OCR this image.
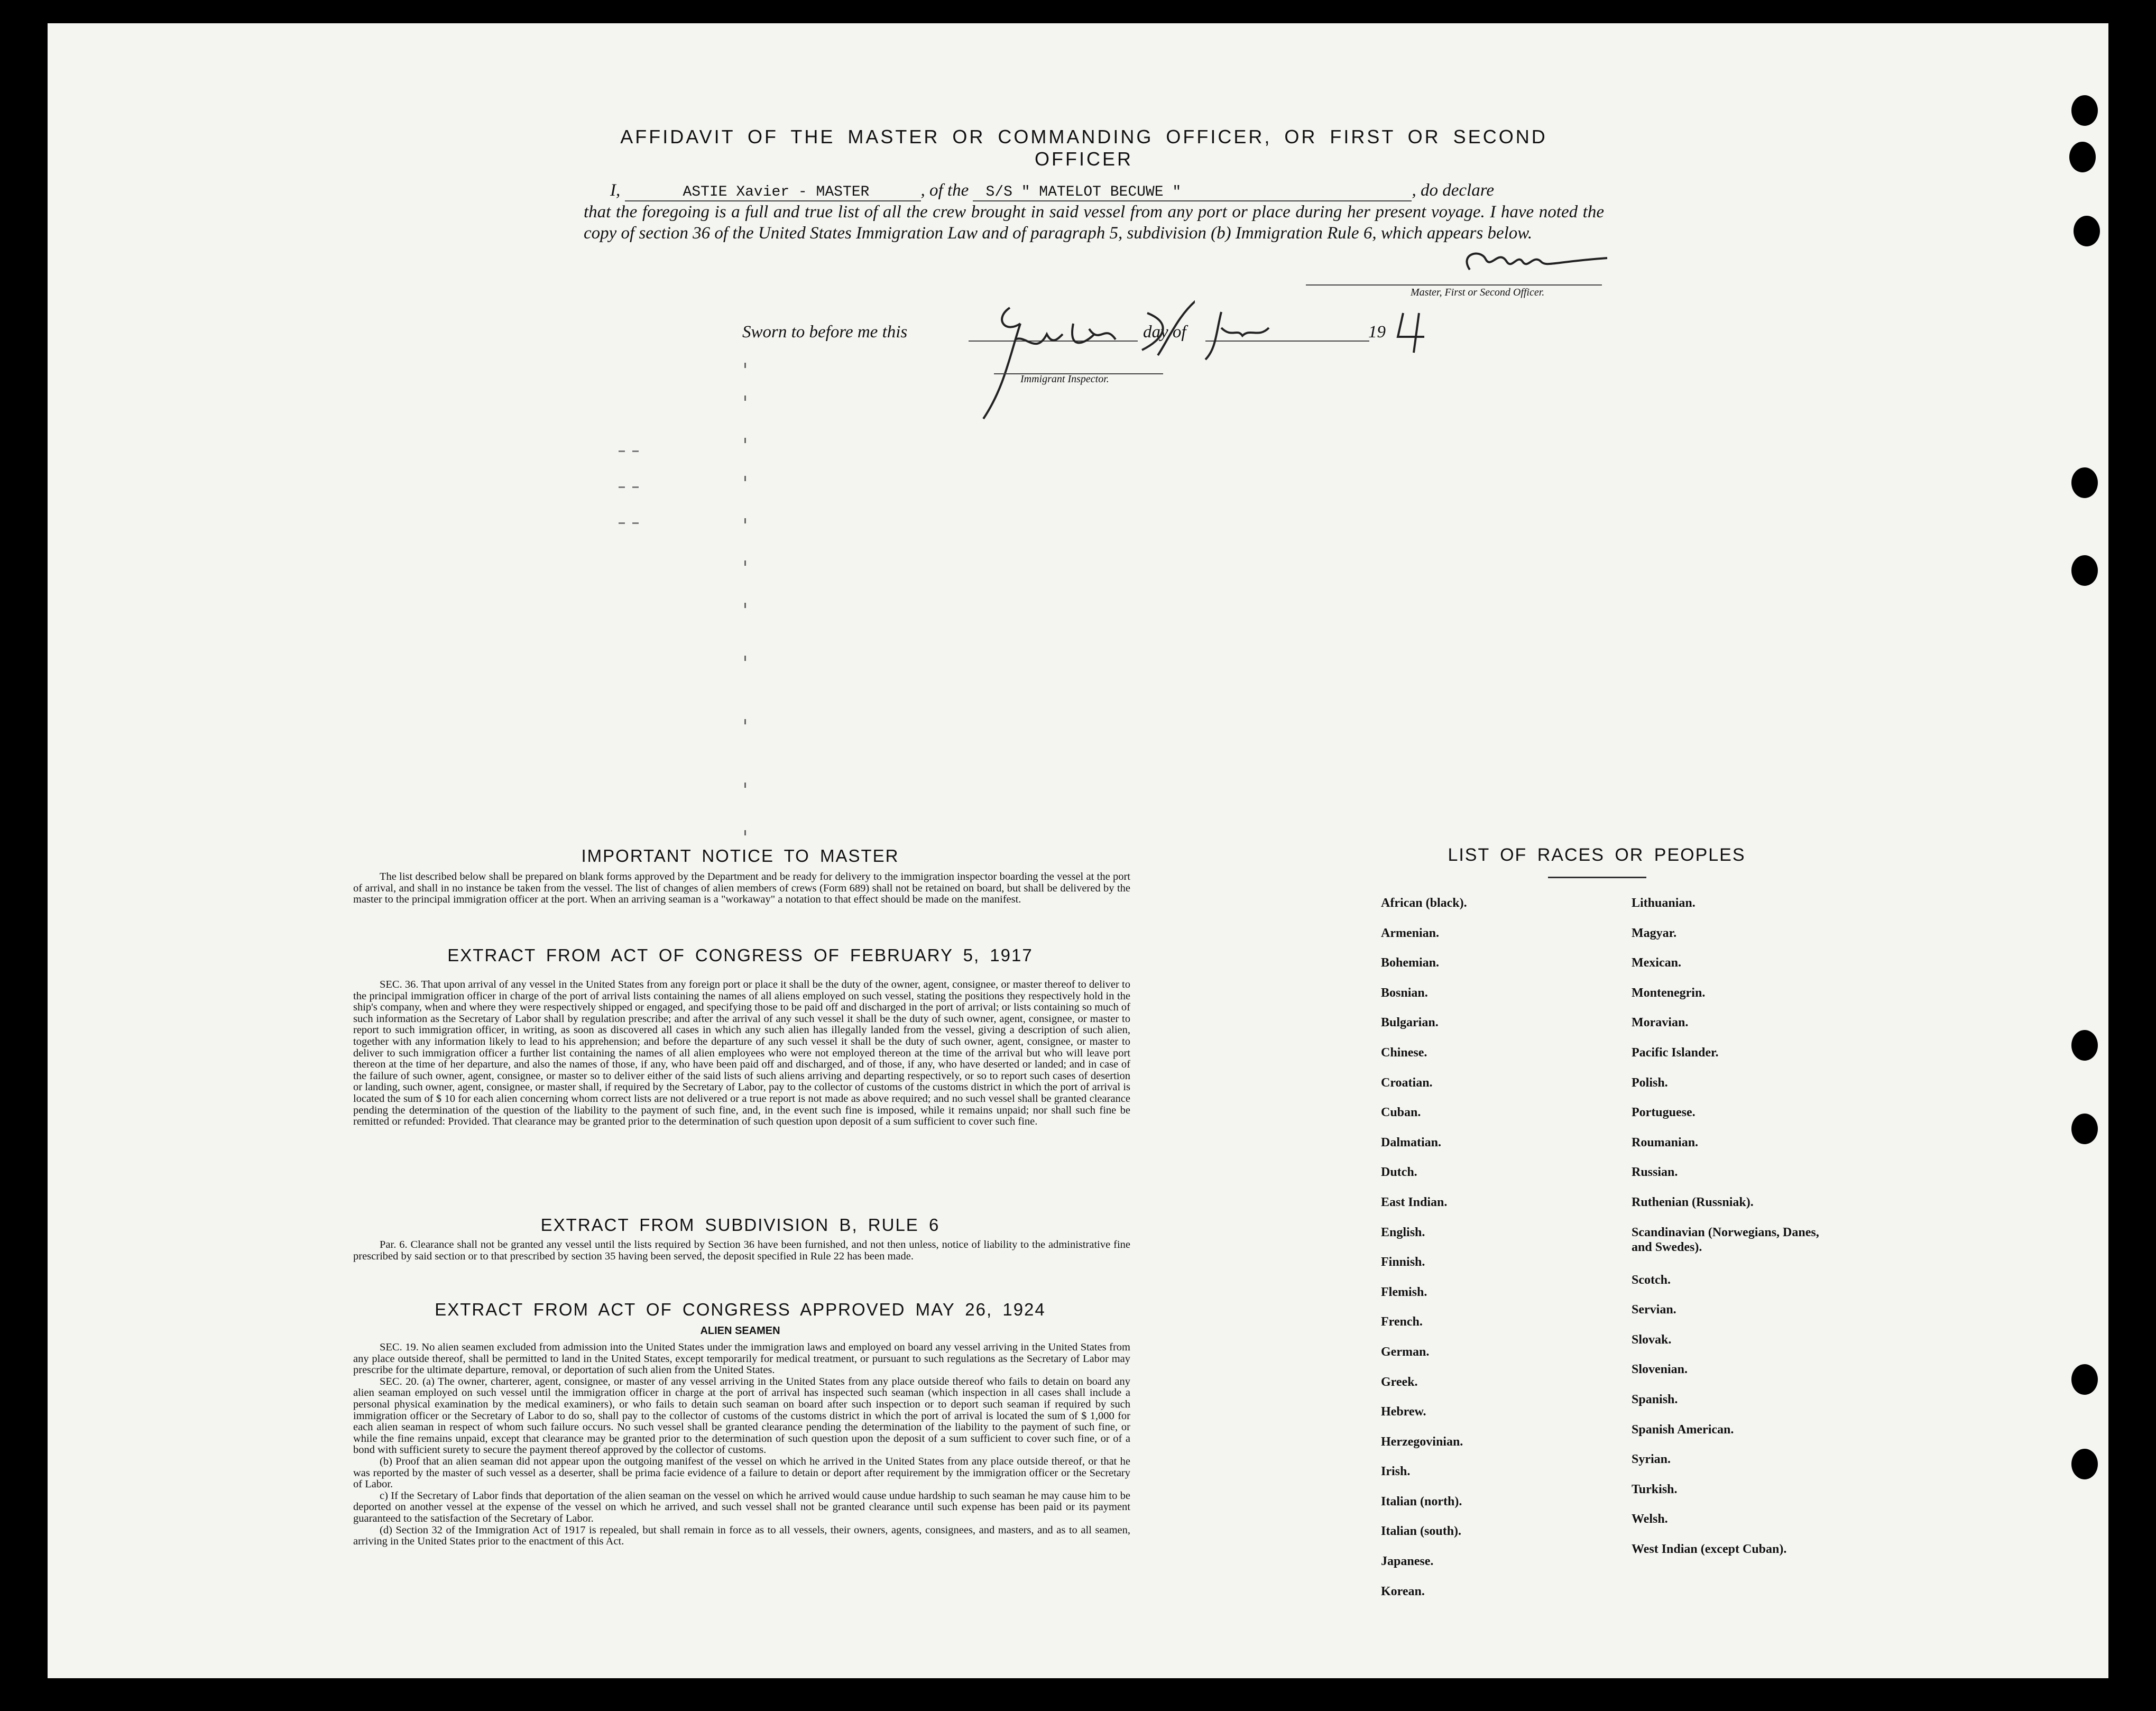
AFFIDAVIT OF THE MASTER OR COMMANDING OFFICER, OR FIRST OR SECOND OFFICER
I,	ASTIE Xavier - MASTER	, of the S/S " MATELOT BECUWE "	, do declare
that the foregoing is a full and true list of all the crew brought in said vessel from any port or place during her present voyage. I have noted the copy of section 36 of the United States Immigration Law and of paragraph 5, subdivision (b) Immigration Rule 6, which appears below.
Master, First or Second Officer.
Sworn to before me this	day of	19
Immigrant Inspector.
IMPORTANT NOTICE TO MASTER

The list described below shall be prepared on blank forms approved by the Department and be ready for delivery to the immigration inspector boarding the vessel at the port of arrival, and shall in no instance be taken from the vessel. The list of changes of alien members of crews (Form 689) shall not be retained on board, but shall be delivered by the master to the principal immigration officer at the port. When an arriving seaman is a "workaway" a notation to that effect should be made on the manifest.

EXTRACT FROM ACT OF CONGRESS OF FEBRUARY 5, 1917

SEC. 36. That upon arrival of any vessel in the United States from any foreign port or place it shall be the duty of the owner, agent, consignee, or master thereof to deliver to the principal immigration officer in charge of the port of arrival lists containing the names of all aliens employed on such vessel, stating the positions they respectively hold in the ship's company, when and where they were respectively shipped or engaged, and specifying those to be paid off and discharged in the port of arrival; or lists containing so much of such information as the Secretary of Labor shall by regulation prescribe; and after the arrival of any such vessel it shall be the duty of such owner, agent, consignee, or master to report to such immigration officer, in writing, as soon as discovered all cases in which any such alien has illegally landed from the vessel, giving a description of such alien, together with any information likely to lead to his apprehension; and before the departure of any such vessel it shall be the duty of such owner, agent, consignee, or master to deliver to such immigration officer a further list containing the names of all alien employees who were not employed thereon at the time of the arrival but who will leave port thereon at the time of her departure, and also the names of those, if any, who have been paid off and discharged, and of those, if any, who have deserted or landed; and in case of the failure of such owner, agent, consignee, or master so to deliver either of the said lists of such aliens arriving and departing respectively, or so to report such cases of desertion or landing, such owner, agent, consignee, or master shall, if required by the Secretary of Labor, pay to the collector of customs of the customs district in which the port of arrival is located the sum of $ 10 for each alien concerning whom correct lists are not delivered or a true report is not made as above required; and no such vessel shall be granted clearance pending the determination of the question of the liability to the payment of such fine, and, in the event such fine is imposed, while it remains unpaid; nor shall such fine be remitted or refunded: Provided. That clearance may be granted prior to the determination of such question upon deposit of a sum sufficient to cover such fine.

EXTRACT FROM SUBDIVISION B, RULE 6

Par. 6. Clearance shall not be granted any vessel until the lists required by Section 36 have been furnished, and not then unless, notice of liability to the administrative fine prescribed by said section or to that prescribed by section 35 having been served, the deposit specified in Rule 22 has been made.

EXTRACT FROM ACT OF CONGRESS APPROVED MAY 26, 1924
ALIEN SEAMEN

SEC. 19. No alien seamen excluded from admission into the United States under the immigration laws and employed on board any vessel arriving in the United States from any place outside thereof, shall be permitted to land in the United States, except temporarily for medical treatment, or pursuant to such regulations as the Secretary of Labor may prescribe for the ultimate departure, removal, or deportation of such alien from the United States.

SEC. 20. (a) The owner, charterer, agent, consignee, or master of any vessel arriving in the United States from any place outside thereof who fails to detain on board any alien seaman employed on such vessel until the immigration officer in charge at the port of arrival has inspected such seaman (which inspection in all cases shall include a personal physical examination by the medical examiners), or who fails to detain such seaman on board after such inspection or to deport such seaman if required by such immigration officer or the Secretary of Labor to do so, shall pay to the collector of customs of the customs district in which the port of arrival is located the sum of $ 1,000 for each alien seaman in respect of whom such failure occurs. No such vessel shall be granted clearance pending the determination of the liability to the payment of such fine, or while the fine remains unpaid, except that clearance may be granted prior to the determination of such question upon the deposit of a sum sufficient to cover such fine, or of a bond with sufficient surety to secure the payment thereof approved by the collector of customs.

(b) Proof that an alien seaman did not appear upon the outgoing manifest of the vessel on which he arrived in the United States from any place outside thereof, or that he was reported by the master of such vessel as a deserter, shall be prima facie evidence of a failure to detain or deport after requirement by the immigration officer or the Secretary of Labor.

c) If the Secretary of Labor finds that deportation of the alien seaman on the vessel on which he arrived would cause undue hardship to such seaman he may cause him to be deported on another vessel at the expense of the vessel on which he arrived, and such vessel shall not be granted clearance until such expense has been paid or its payment guaranteed to the satisfaction of the Secretary of Labor.

(d) Section 32 of the Immigration Act of 1917 is repealed, but shall remain in force as to all vessels, their owners, agents, consignees, and masters, and as to all seamen, arriving in the United States prior to the enactment of this Act.

LIST OF RACES OR PEOPLES
African (black).
Armenian.
Bohemian.
Bosnian.
Bulgarian.
Chinese.
Croatian.
Cuban.
Dalmatian.
Dutch.
East Indian.
English.
Finnish.
Flemish.
French.
German.
Greek.
Hebrew.
Herzegovinian.
Irish.
Italian (north).
Italian (south).
Japanese.
Korean.
Lithuanian.
Magyar.
Mexican.
Montenegrin.
Moravian.
Pacific Islander.
Polish.
Portuguese.
Roumanian.
Russian.
Ruthenian (Russniak).
Scandinavian (Norwegians, Danes, and Swedes).
Scotch.
Servian.
Slovak.
Slovenian.
Spanish.
Spanish American.
Syrian.
Turkish.
Welsh.
West Indian (except Cuban).
